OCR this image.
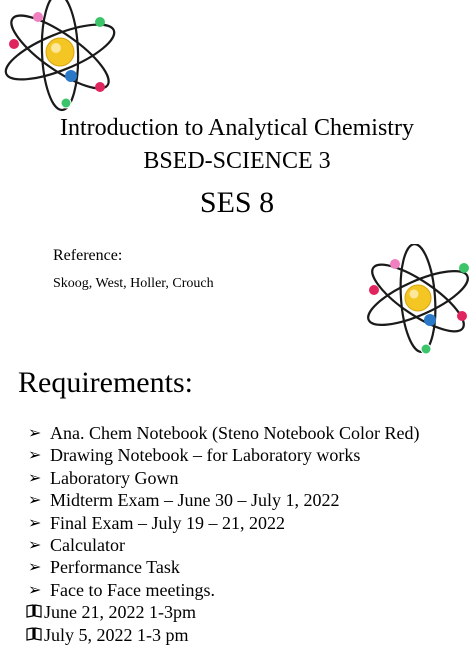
Introduction to Analytical Chemistry
BSED-SCIENCE 3
SES 8
Reference:
Skoog, West, Holler, Crouch
Requirements:
➢ Ana. Chem Notebook (Steno Notebook Color Red)
➢ Drawing Notebook – for Laboratory works
➢ Laboratory Gown
➢ Midterm Exam – June 30 – July 1, 2022
➢ Final Exam – July 19 – 21, 2022
➢ Calculator
➢ Performance Task
➢ Face to Face meetings.
June 21, 2022 1-3pm
July 5, 2022 1-3 pm
